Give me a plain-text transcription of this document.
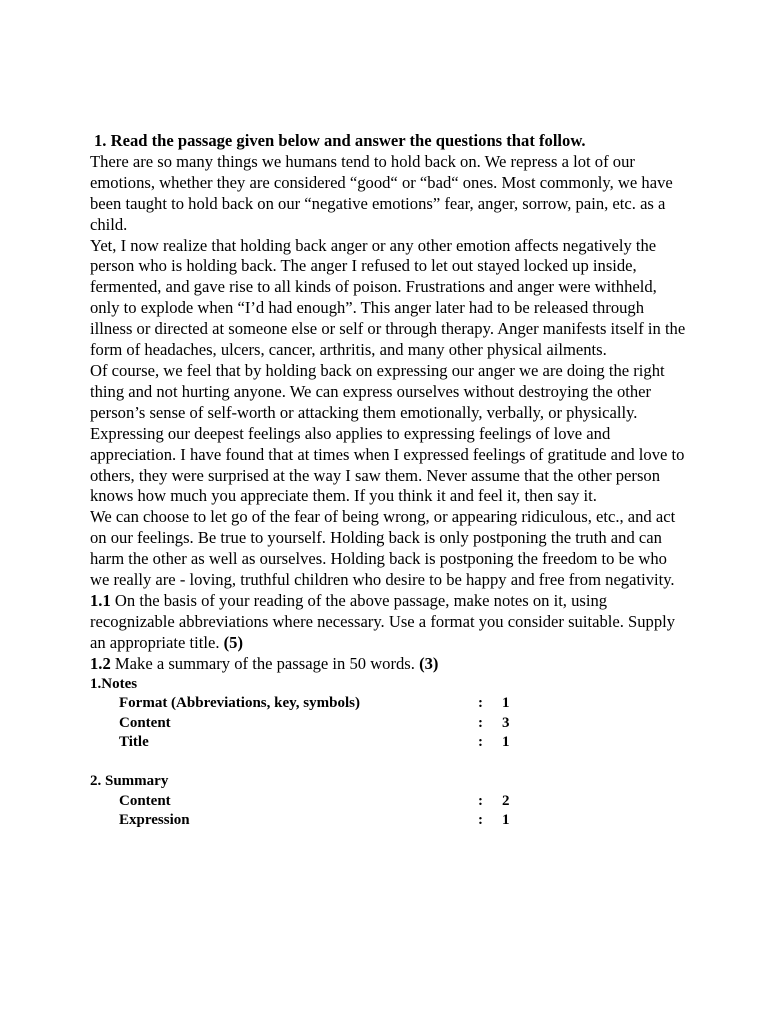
1. Read the passage given below and answer the questions that follow.

There are so many things we humans tend to hold back on. We repress a lot of our emotions, whether they are considered “good“ or “bad“ ones. Most commonly, we have been taught to hold back on our “negative emotions” fear, anger, sorrow, pain, etc. as a child.

Yet, I now realize that holding back anger or any other emotion affects negatively the person who is holding back. The anger I refused to let out stayed locked up inside, fermented, and gave rise to all kinds of poison. Frustrations and anger were withheld, only to explode when “I’d had enough”. This anger later had to be released through illness or directed at someone else or self or through therapy. Anger manifests itself in the form of headaches, ulcers, cancer, arthritis, and many other physical ailments.

Of course, we feel that by holding back on expressing our anger we are doing the right thing and not hurting anyone. We can express ourselves without destroying the other person’s sense of self-worth or attacking them emotionally, verbally, or physically.

Expressing our deepest feelings also applies to expressing feelings of love and appreciation. I have found that at times when I expressed feelings of gratitude and love to others, they were surprised at the way I saw them. Never assume that the other person knows how much you appreciate them. If you think it and feel it, then say it.

We can choose to let go of the fear of being wrong, or appearing ridiculous, etc., and act on our feelings. Be true to yourself. Holding back is only postponing the truth and can harm the other as well as ourselves. Holding back is postponing the freedom to be who we really are - loving, truthful children who desire to be happy and free from negativity.

1.1 On the basis of your reading of the above passage, make notes on it, using recognizable abbreviations where necessary. Use a format you consider suitable. Supply an appropriate title. (5)

1.2 Make a summary of the passage in 50 words. (3)

1.Notes

Format (Abbreviations, key, symbols)	: 1
Content	: 3
Title	: 1

2. Summary

Content	: 2
Expression	: 1
